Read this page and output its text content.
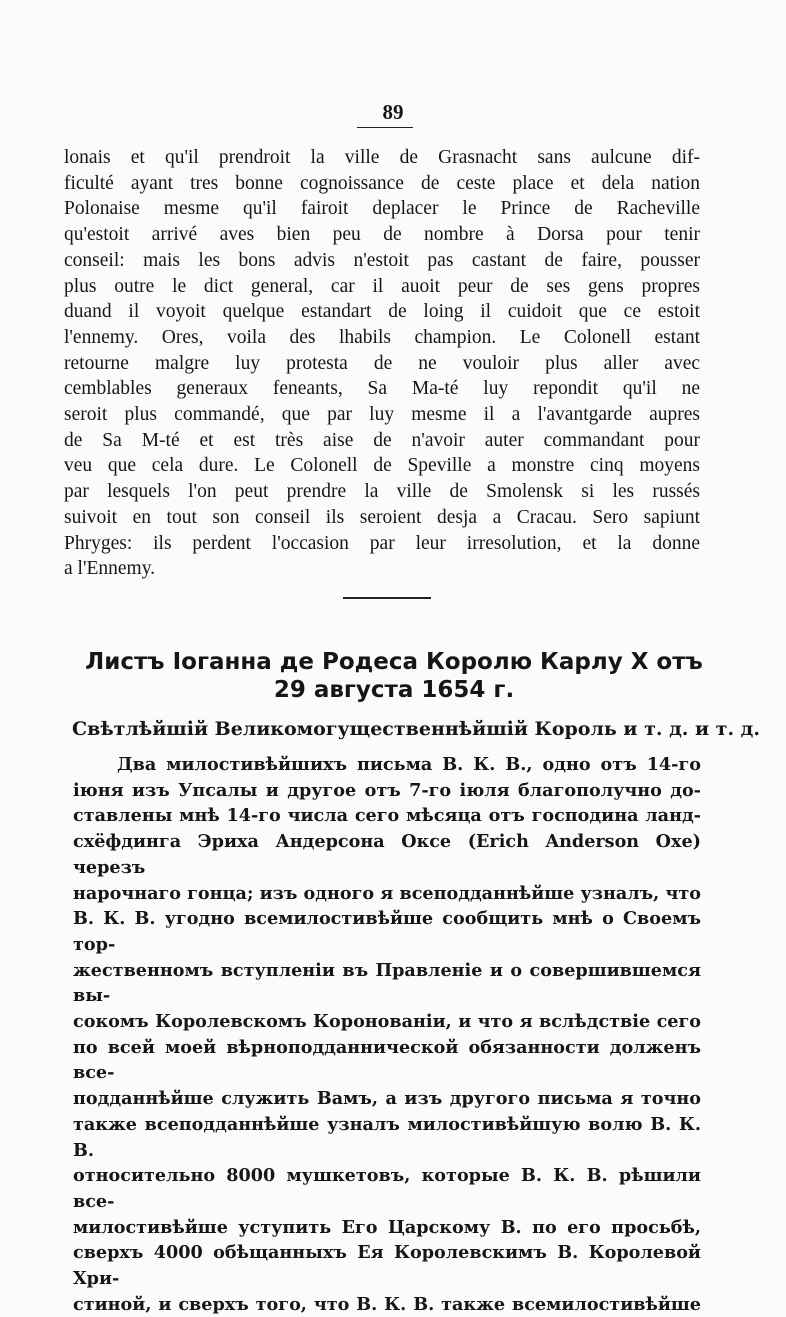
89
lonais et qu'il prendroit la ville de Grasnacht sans aulcune dif-
ficulté ayant tres bonne cognoissance de ceste place et dela nation
Polonaise mesme qu'il fairoit deplacer le Prince de Racheville
qu'estoit arrivé aves bien peu de nombre à Dorsa pour tenir
conseil: mais les bons advis n'estoit pas castant de faire, pousser
plus outre le dict general, car il auoit peur de ses gens propres
duand il voyoit quelque estandart de loing il cuidoit que ce estoit
l'ennemy. Ores, voila des lhabils champion. Le Colonell estant
retourne malgre luy protesta de ne vouloir plus aller avec
cemblables generaux feneants, Sa Ma-té luy repondit qu'il ne
seroit plus commandé, que par luy mesme il a l'avantgarde aupres
de Sa M-té et est très aise de n'avoir auter commandant pour
veu que cela dure. Le Colonell de Speville a monstre cinq moyens
par lesquels l'on peut prendre la ville de Smolensk si les russés
suivoit en tout son conseil ils seroient desja a Cracau. Sero sapiunt
Phryges: ils perdent l'occasion par leur irresolution, et la donne
a l'Ennemy.
Листъ Іоганна де Родеса Королю Карлу X отъ
29 августа 1654 г.
Свѣтлѣйшій Великомогущественнѣйшій Король и т. д. и т. д.
Два милостивѣйшихъ письма В. К. В., одно отъ 14-го
іюня изъ Упсалы и другое отъ 7-го іюля благополучно до-
ставлены мнѣ 14-го числа сего мѣсяца отъ господина ланд-
схёфдинга Эриха Андерсона Оксе (Erich Anderson Oxe) черезъ
нарочнаго гонца; изъ одного я всеподданнѣйше узналъ, что
В. К. В. угодно всемилостивѣйше сообщить мнѣ о Своемъ тор-
жественномъ вступленіи въ Правленіе и о совершившемся вы-
сокомъ Королевскомъ Коронованіи, и что я вслѣдствіе сего
по всей моей вѣрноподданнической обязанности долженъ все-
подданнѣйше служить Вамъ, а изъ другого письма я точно
также всеподданнѣйше узналъ милостивѣйшую волю В. К. В.
относительно 8000 мушкетовъ, которые В. К. В. рѣшили все-
милостивѣйше уступить Его Царскому В. по его просьбѣ,
сверхъ 4000 обѣщанныхъ Ея Королевскимъ В. Королевой Хри-
стиной, и сверхъ того, что В. К. В. также всемилостивѣйше
